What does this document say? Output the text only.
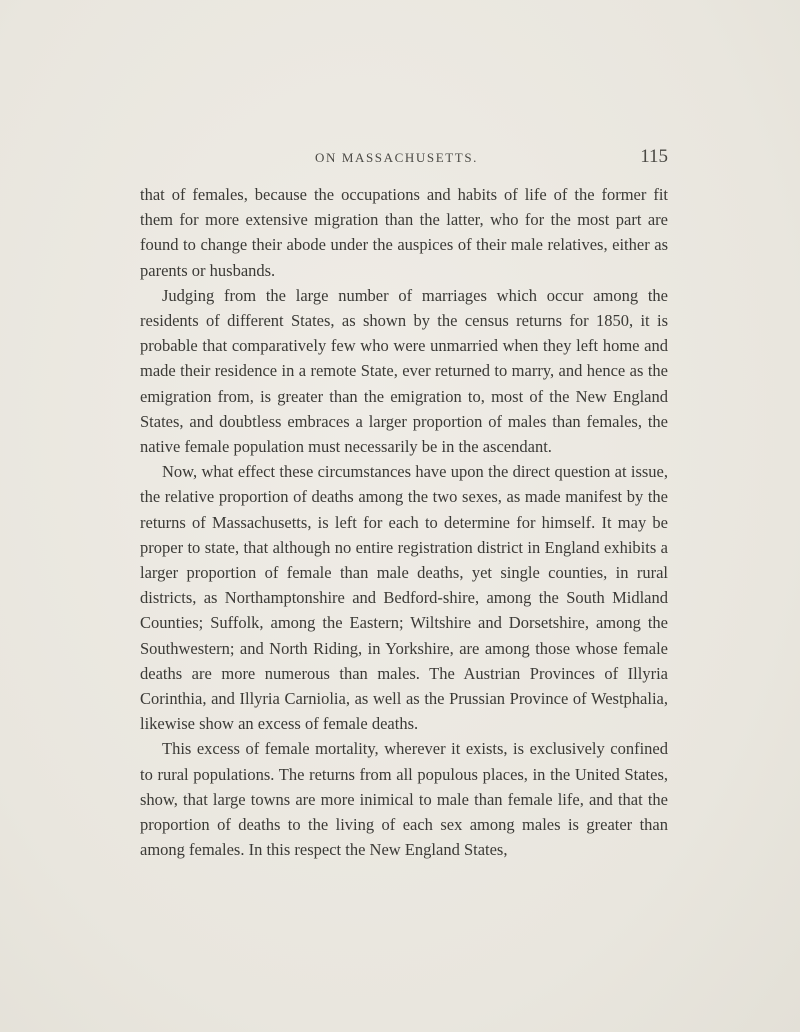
ON MASSACHUSETTS.	115

that of females, because the occupations and habits of life of the former fit them for more extensive migration than the latter, who for the most part are found to change their abode under the auspices of their male relatives, either as parents or husbands.

Judging from the large number of marriages which occur among the residents of different States, as shown by the census returns for 1850, it is probable that comparatively few who were unmarried when they left home and made their residence in a remote State, ever returned to marry, and hence as the emigration from, is greater than the emigration to, most of the New England States, and doubtless embraces a larger proportion of males than females, the native female population must necessarily be in the ascendant.

Now, what effect these circumstances have upon the direct question at issue, the relative proportion of deaths among the two sexes, as made manifest by the returns of Massachusetts, is left for each to determine for himself. It may be proper to state, that although no entire registration district in England exhibits a larger proportion of female than male deaths, yet single counties, in rural districts, as Northamptonshire and Bedford-shire, among the South Midland Counties; Suffolk, among the Eastern; Wiltshire and Dorsetshire, among the Southwestern; and North Riding, in Yorkshire, are among those whose female deaths are more numerous than males. The Austrian Provinces of Illyria Corinthia, and Illyria Carniolia, as well as the Prussian Province of Westphalia, likewise show an excess of female deaths.

This excess of female mortality, wherever it exists, is exclusively confined to rural populations. The returns from all populous places, in the United States, show, that large towns are more inimical to male than female life, and that the proportion of deaths to the living of each sex among males is greater than among females. In this respect the New England States,
